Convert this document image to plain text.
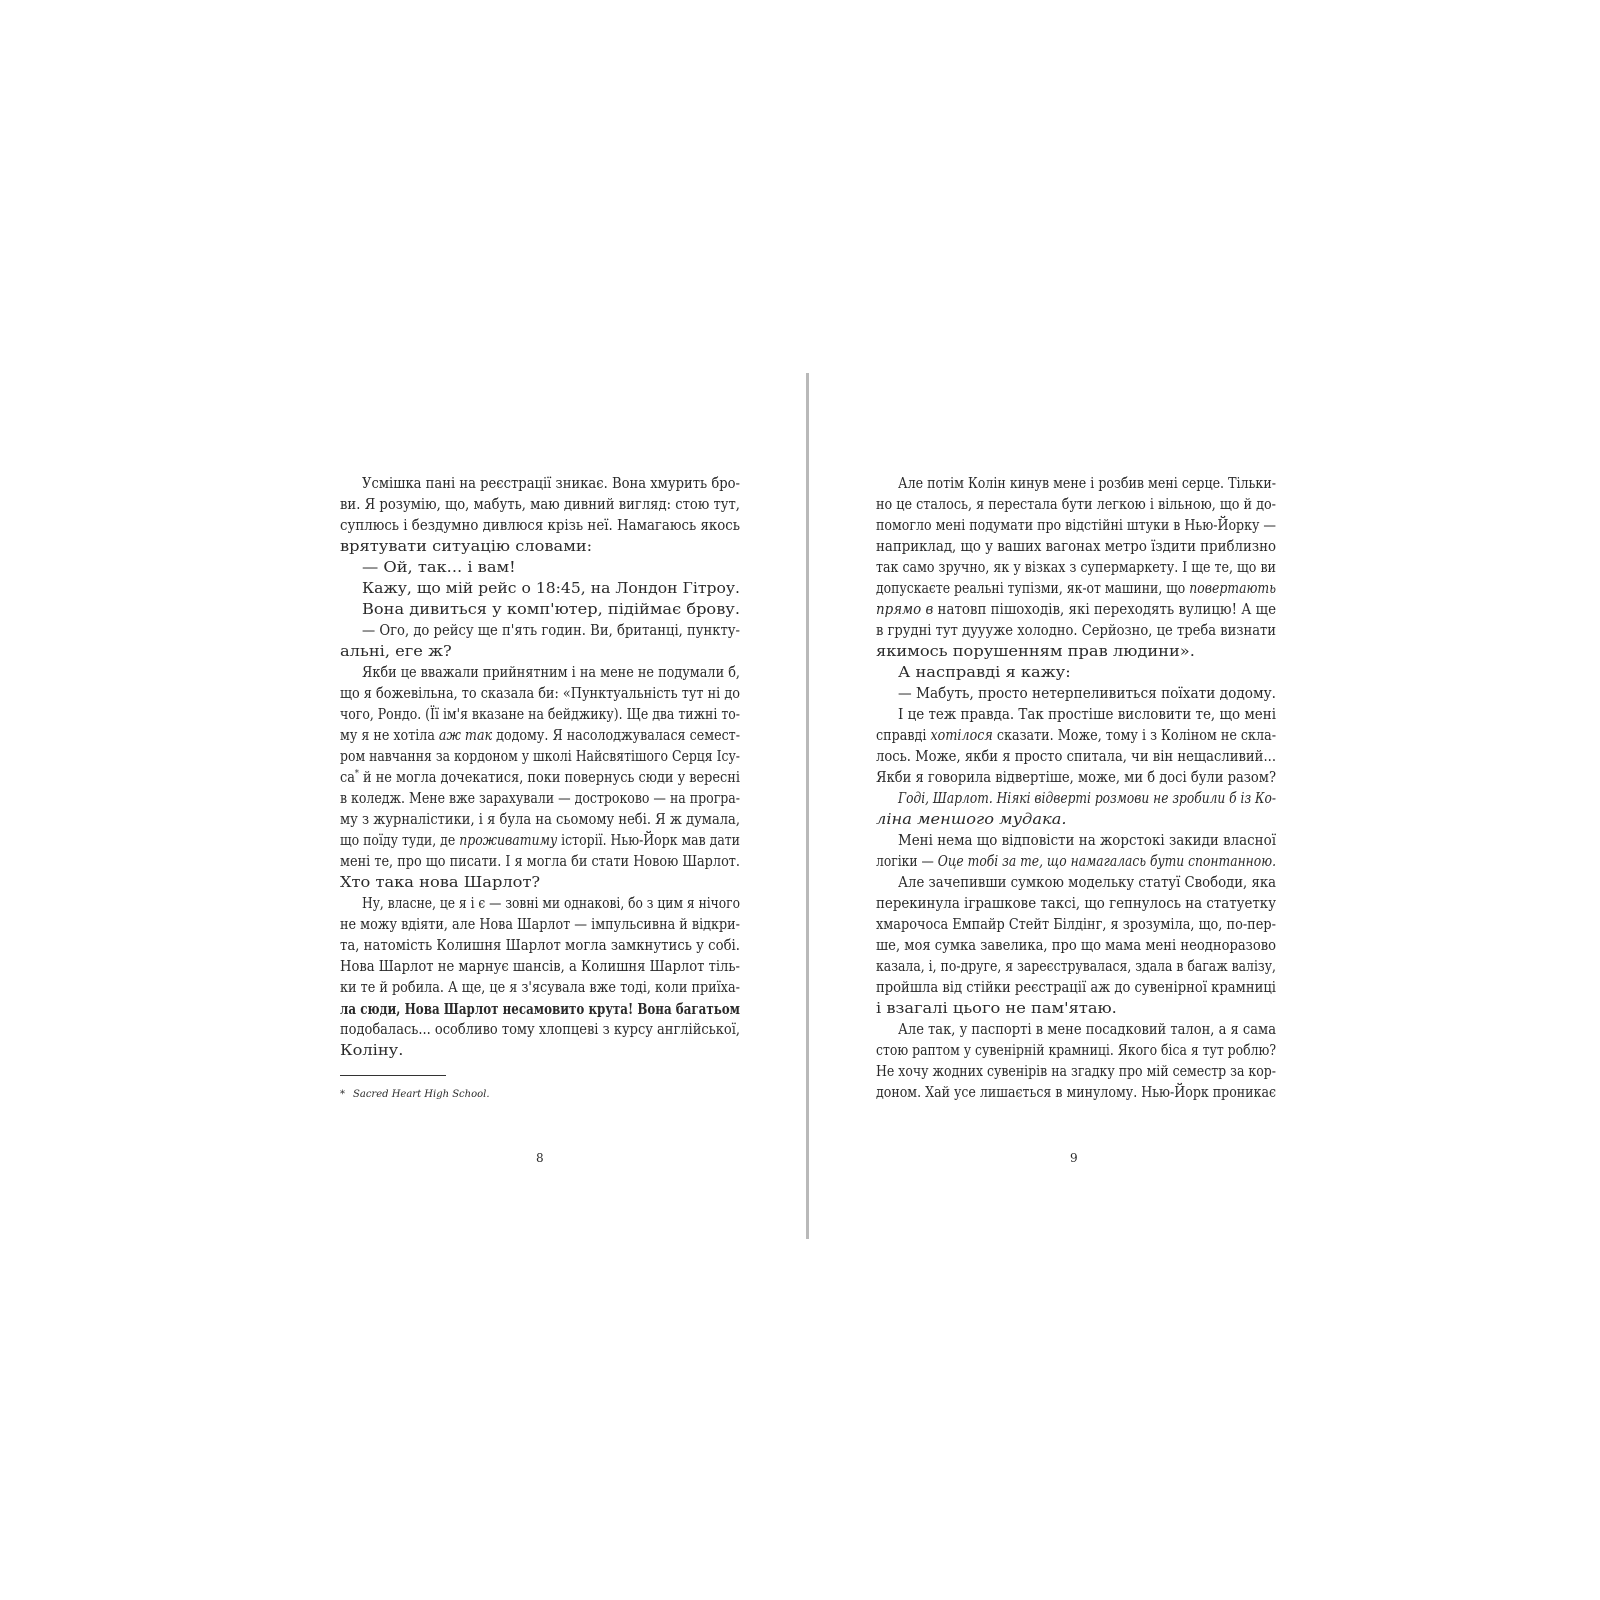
Усмішка пані на реєстрації зникає. Вона хмурить бро-
ви. Я розумію, що, мабуть, маю дивний вигляд: стою тут,
суплюсь і бездумно дивлюся крізь неї. Намагаюсь якось
врятувати ситуацію словами:
— Ой, так... і вам!
Кажу, що мій рейс о 18:45, на Лондон Гітроу.
Вона дивиться у комп'ютер, підіймає брову.
— Ого, до рейсу ще п'ять годин. Ви, британці, пункту-
альні, еге ж?
Якби це вважали прийнятним і на мене не подумали б,
що я божевільна, то сказала би: «Пунктуальність тут ні до
чого, Рондо. (Її ім'я вказане на бейджику). Ще два тижні то-
му я не хотіла аж так додому. Я насолоджувалася семест-
ром навчання за кордоном у школі Найсвятішого Серця Ісу-
са* й не могла дочекатися, поки повернусь сюди у вересні
в коледж. Мене вже зарахували — достроково — на програ-
му з журналістики, і я була на сьомому небі. Я ж думала,
що поїду туди, де проживатиму історії. Нью-Йорк мав дати
мені те, про що писати. І я могла би стати Новою Шарлот.
Хто така нова Шарлот?
Ну, власне, це я і є — зовні ми однакові, бо з цим я нічого
не можу вдіяти, але Нова Шарлот — імпульсивна й відкри-
та, натомість Колишня Шарлот могла замкнутись у собі.
Нова Шарлот не марнує шансів, а Колишня Шарлот тіль-
ки те й робила. А ще, це я з'ясувала вже тоді, коли приїха-
ла сюди, Нова Шарлот несамовито крута! Вона багатьом
подобалась... особливо тому хлопцеві з курсу англійської,
Коліну.
Але потім Колін кинув мене і розбив мені серце. Тільки-
но це сталось, я перестала бути легкою і вільною, що й до-
помогло мені подумати про відстійні штуки в Нью-Йорку —
наприклад, що у ваших вагонах метро їздити приблизно
так само зручно, як у візках з супермаркету. І ще те, що ви
допускаєте реальні тупізми, як-от машини, що повертають
прямо в натовп пішоходів, які переходять вулицю! А ще
в грудні тут дуууже холодно. Серйозно, це треба визнати
якимось порушенням прав людини».
А насправді я кажу:
— Мабуть, просто нетерпеливиться поїхати додому.
І це теж правда. Так простіше висловити те, що мені
справді хотілося сказати. Може, тому і з Коліном не скла-
лось. Може, якби я просто спитала, чи він нещасливий...
Якби я говорила відвертіше, може, ми б досі були разом?
Годі, Шарлот. Ніякі відверті розмови не зробили б із Ко-
ліна меншого мудака.
Мені нема що відповісти на жорстокі закиди власної
логіки — Оце тобі за те, що намагалась бути спонтанною.
Але зачепивши сумкою модельку статуї Свободи, яка
перекинула іграшкове таксі, що гепнулось на статуетку
хмарочоса Емпайр Стейт Білдінг, я зрозуміла, що, по-пер-
ше, моя сумка завелика, про що мама мені неодноразово
казала, і, по-друге, я зареєструвалася, здала в багаж валізу,
пройшла від стійки реєстрації аж до сувенірної крамниці
і взагалі цього не пам'ятаю.
Але так, у паспорті в мене посадковий талон, а я сама
стою раптом у сувенірній крамниці. Якого біса я тут роблю?
Не хочу жодних сувенірів на згадку про мій семестр за кор-
доном. Хай усе лишається в минулому. Нью-Йорк проникає
* Sacred Heart High School.
8	9
